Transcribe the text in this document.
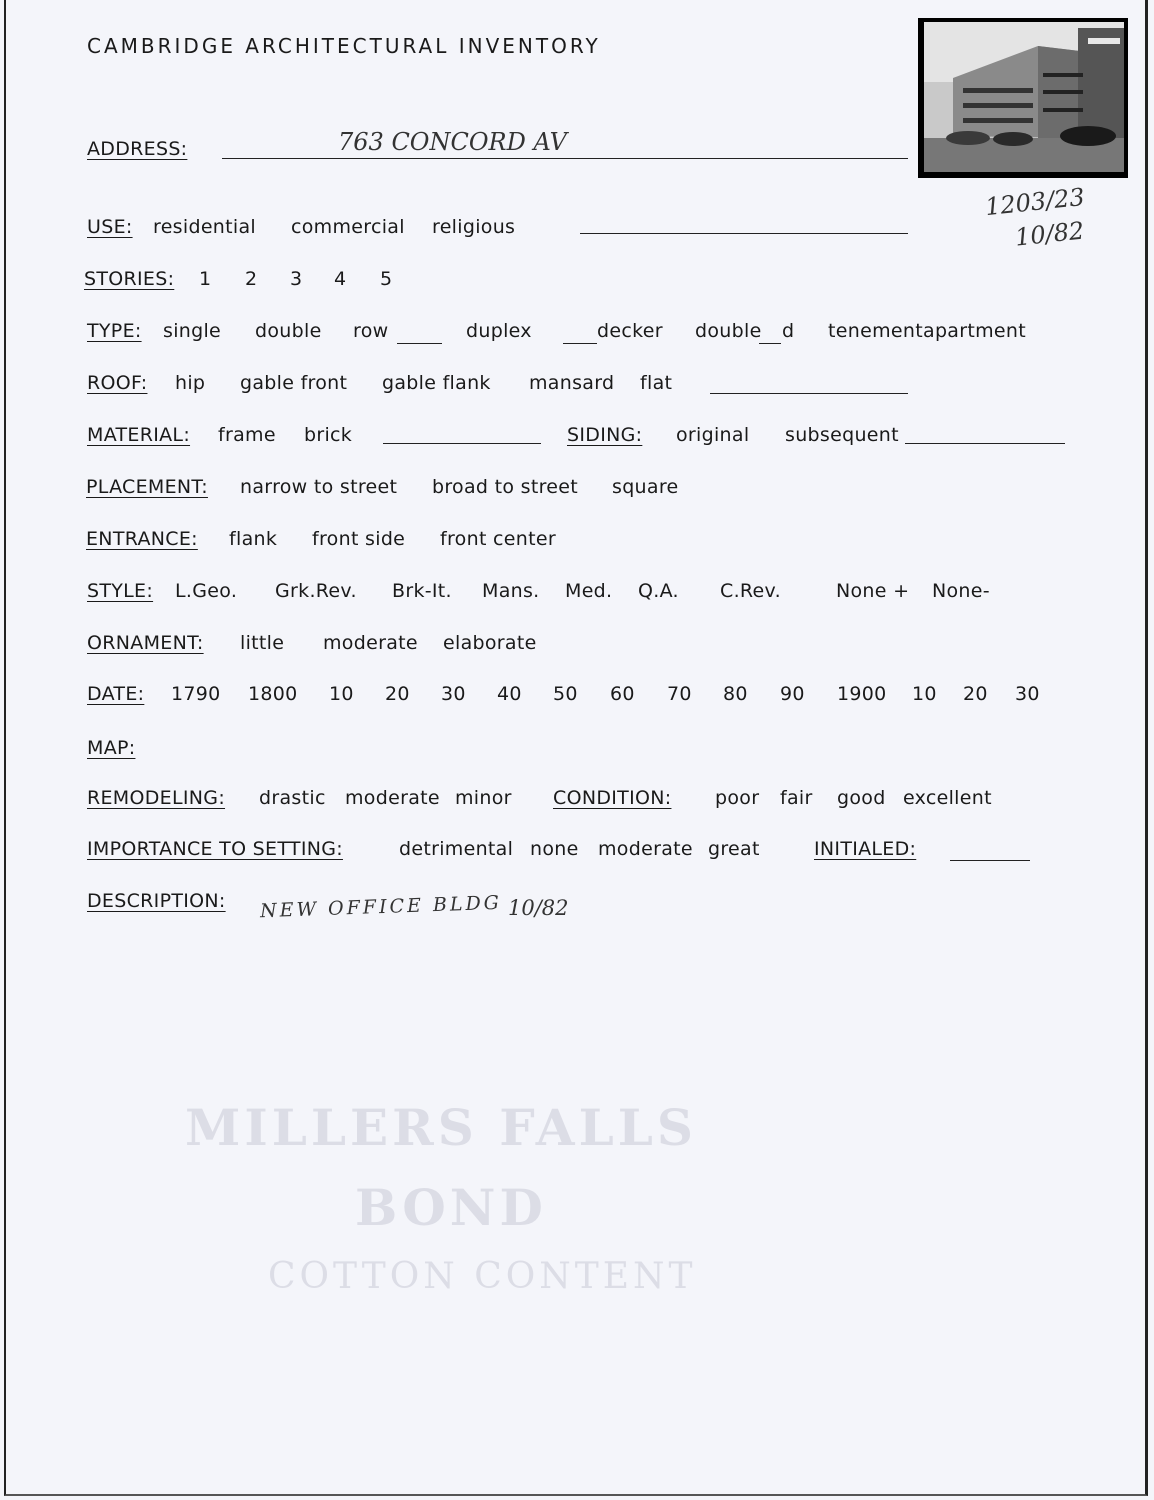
CAMBRIDGE ARCHITECTURAL INVENTORY
1203/23
10/82
ADDRESS:	763 CONCORD AV
USE: residential commercial religious
STORIES: 1 2 3 4 5
TYPE: single double row	duplex	decker double d tenement apartment
ROOF: hip gable front gable flank mansard flat
MATERIAL: frame brick	SIDING: original subsequent
PLACEMENT: narrow to street broad to street square
ENTRANCE: flank front side front center
STYLE: L.Geo. Grk.Rev. Brk-It. Mans. Med. Q.A. C.Rev.	None + None-
ORNAMENT: little moderate elaborate
DATE: 1790 1800 10 20 30 40 50 60 70 80 90 1900 10 20 30
MAP:
REMODELING: drastic moderate minor CONDITION: poor fair good excellent
IMPORTANCE TO SETTING:	detrimental none moderate great	INITIALED:
DESCRIPTION: NEW OFFICE BLDG 10/82
MILLERS FALLS
BOND
COTTON CONTENT
